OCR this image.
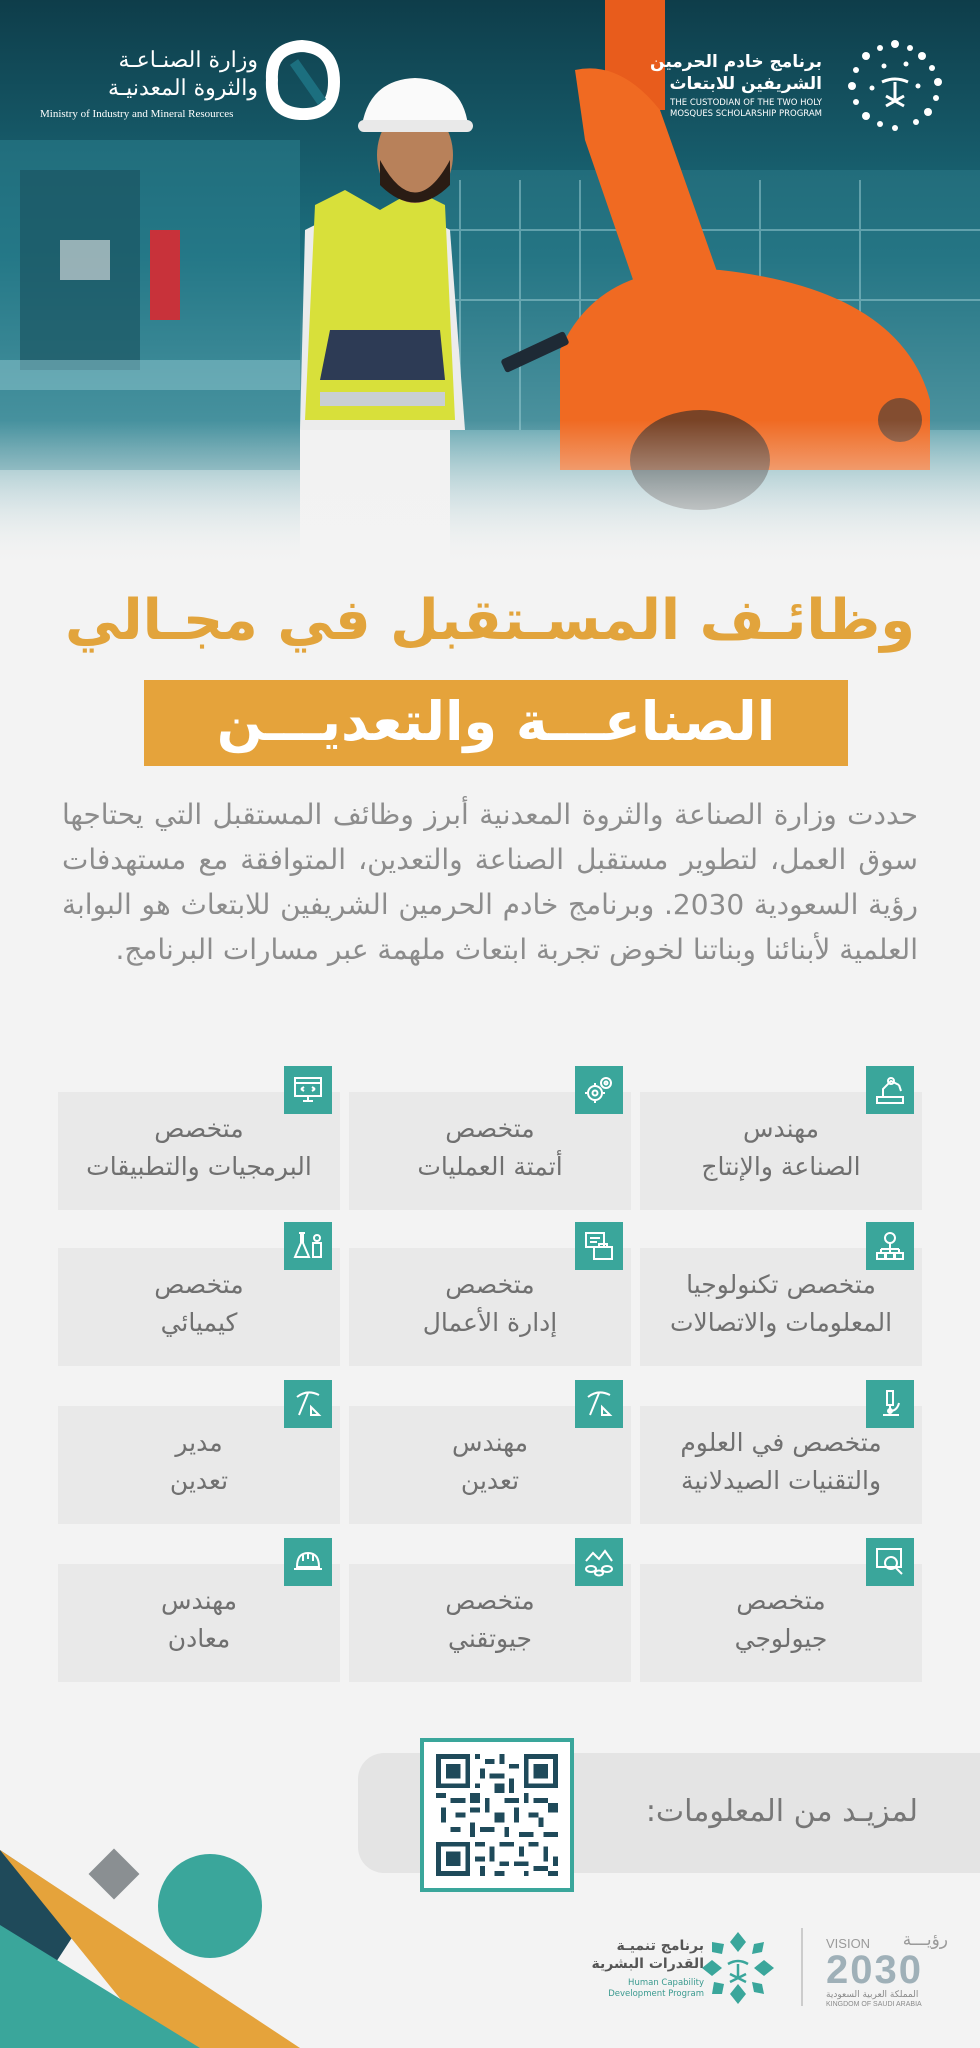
وزارة الصنـاعـة
والثروة المعدنيـة
Ministry of Industry and Mineral Resources
برنامج خادم الحرمين
الشريفين للابتعاث
THE CUSTODIAN OF THE TWO HOLY
MOSQUES SCHOLARSHIP PROGRAM
وظائـف المسـتقبل في مجـالي
الصناعـــة والتعديـــن
حددت وزارة الصناعة والثروة المعدنية أبرز وظائف المستقبل التي يحتاجها سوق العمل، لتطوير مستقبل الصناعة والتعدين، المتوافقة مع مستهدفات رؤية السعودية 2030. وبرنامج خادم الحرمين الشريفين للابتعاث هو البوابة العلمية لأبنائنا وبناتنا لخوض تجربة ابتعاث ملهمة عبر مسارات البرنامج.
مهندس
الصناعة والإنتاج
متخصص
أتمتة العمليات
متخصص
البرمجيات والتطبيقات
متخصص تكنولوجيا
المعلومات والاتصالات
متخصص
إدارة الأعمال
متخصص
كيميائي
متخصص في العلوم
والتقنيات الصيدلانية
مهندس
تعدين
مدير
تعدين
متخصص
جيولوجي
متخصص
جيوتقني
مهندس
معادن
لمزيـد من المعلومات:
برنامج تنميـة
القدرات البشرية
Human Capability
Development Program
VISION رؤيـــة
2030
المملكة العربية السعودية
KINGDOM OF SAUDI ARABIA
